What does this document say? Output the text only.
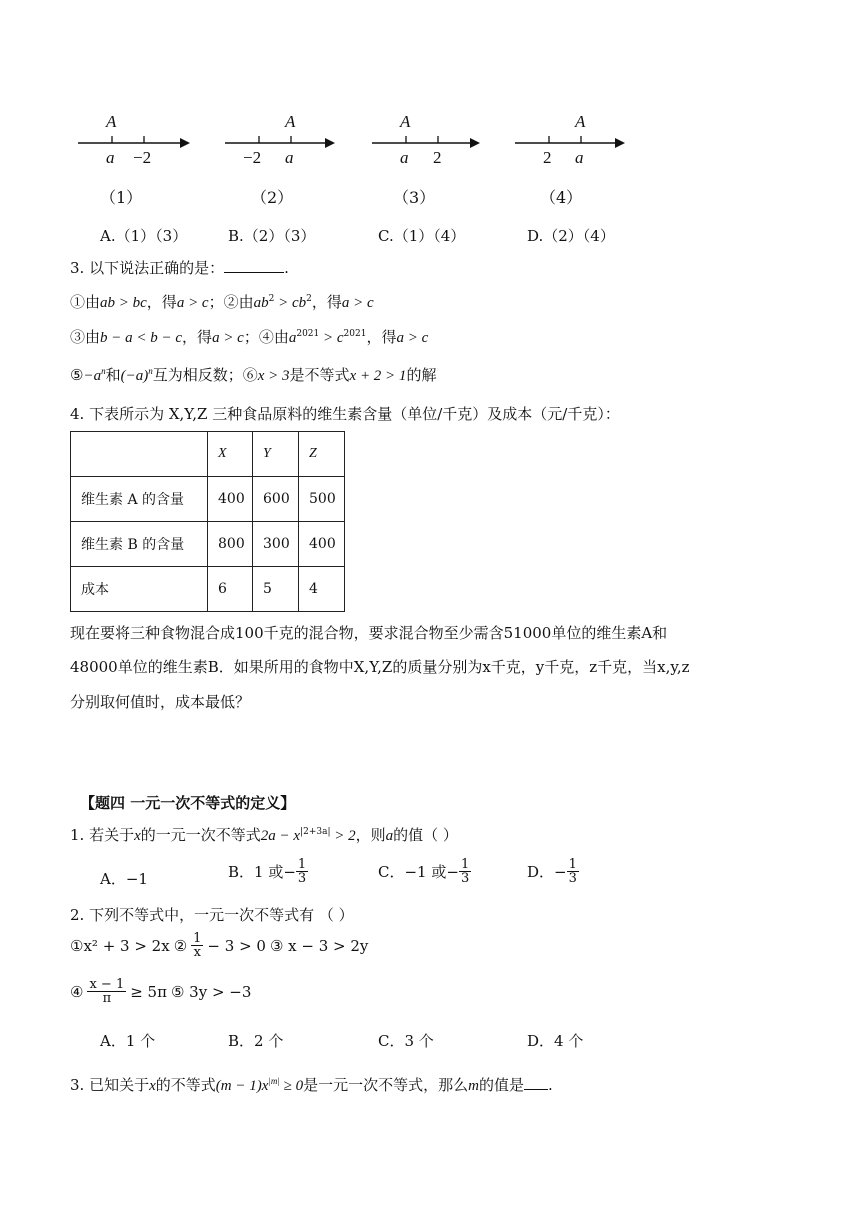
A
a −2
（1）
A
−2 a
（2）
A
a 2
（3）
A
2 a
（4）
A.（1）（3）	B.（2）（3）	C.（1）（4）	D.（2）（4）
3. 以下说法正确的是：	.
①由ab > bc，得a > c；②由$ab^2 > cb^2$，得a > c
③由b − a < b − c，得a > c；④由$a^{2021} > c^{2021}$，得a > c
$⑤-a^n$和$(-a)^n$互为相反数；⑥x > 3是不等式x + 2 > 1的解
4. 下表所示为 X,Y,Z 三种食品原料的维生素含量（单位/千克）及成本（元/千克）：
	X	Y	Z
维生素 A 的含量	400	600	500
维生素 B 的含量	800	300	400
成本	6	5	4
现在要将三种食物混合成100千克的混合物，要求混合物至少需含51000单位的维生素A和
48000单位的维生素B．如果所用的食物中X,Y,Z的质量分别为x千克，y千克，z千克，当x,y,z
分别取何值时，成本最低？
【题四 一元一次不等式的定义】
1. 若关于x的一元一次不等式$2a - x^{|2+3a|} > 2$，则a的值（ ）
A．−1	B．1 或− $\frac{1}{3}$	C．−1 或− $\frac{1}{3}$	D．− $\frac{1}{3}$
2. 下列不等式中，一元一次不等式有 （ ）
①x² + 3 > 2x ② $\frac{1}{x} - 3 > 0$ ③ x − 3 > 2y
④ $\frac{x - 1}{\pi} \ge 5\pi$ ⑤ 3y > −3
A．1 个	B．2 个	C．3 个	D．4 个
3. 已知关于x的不等式$(m - 1)x^{|m|} \ge 0$是一元一次不等式，那么m的值是 .
